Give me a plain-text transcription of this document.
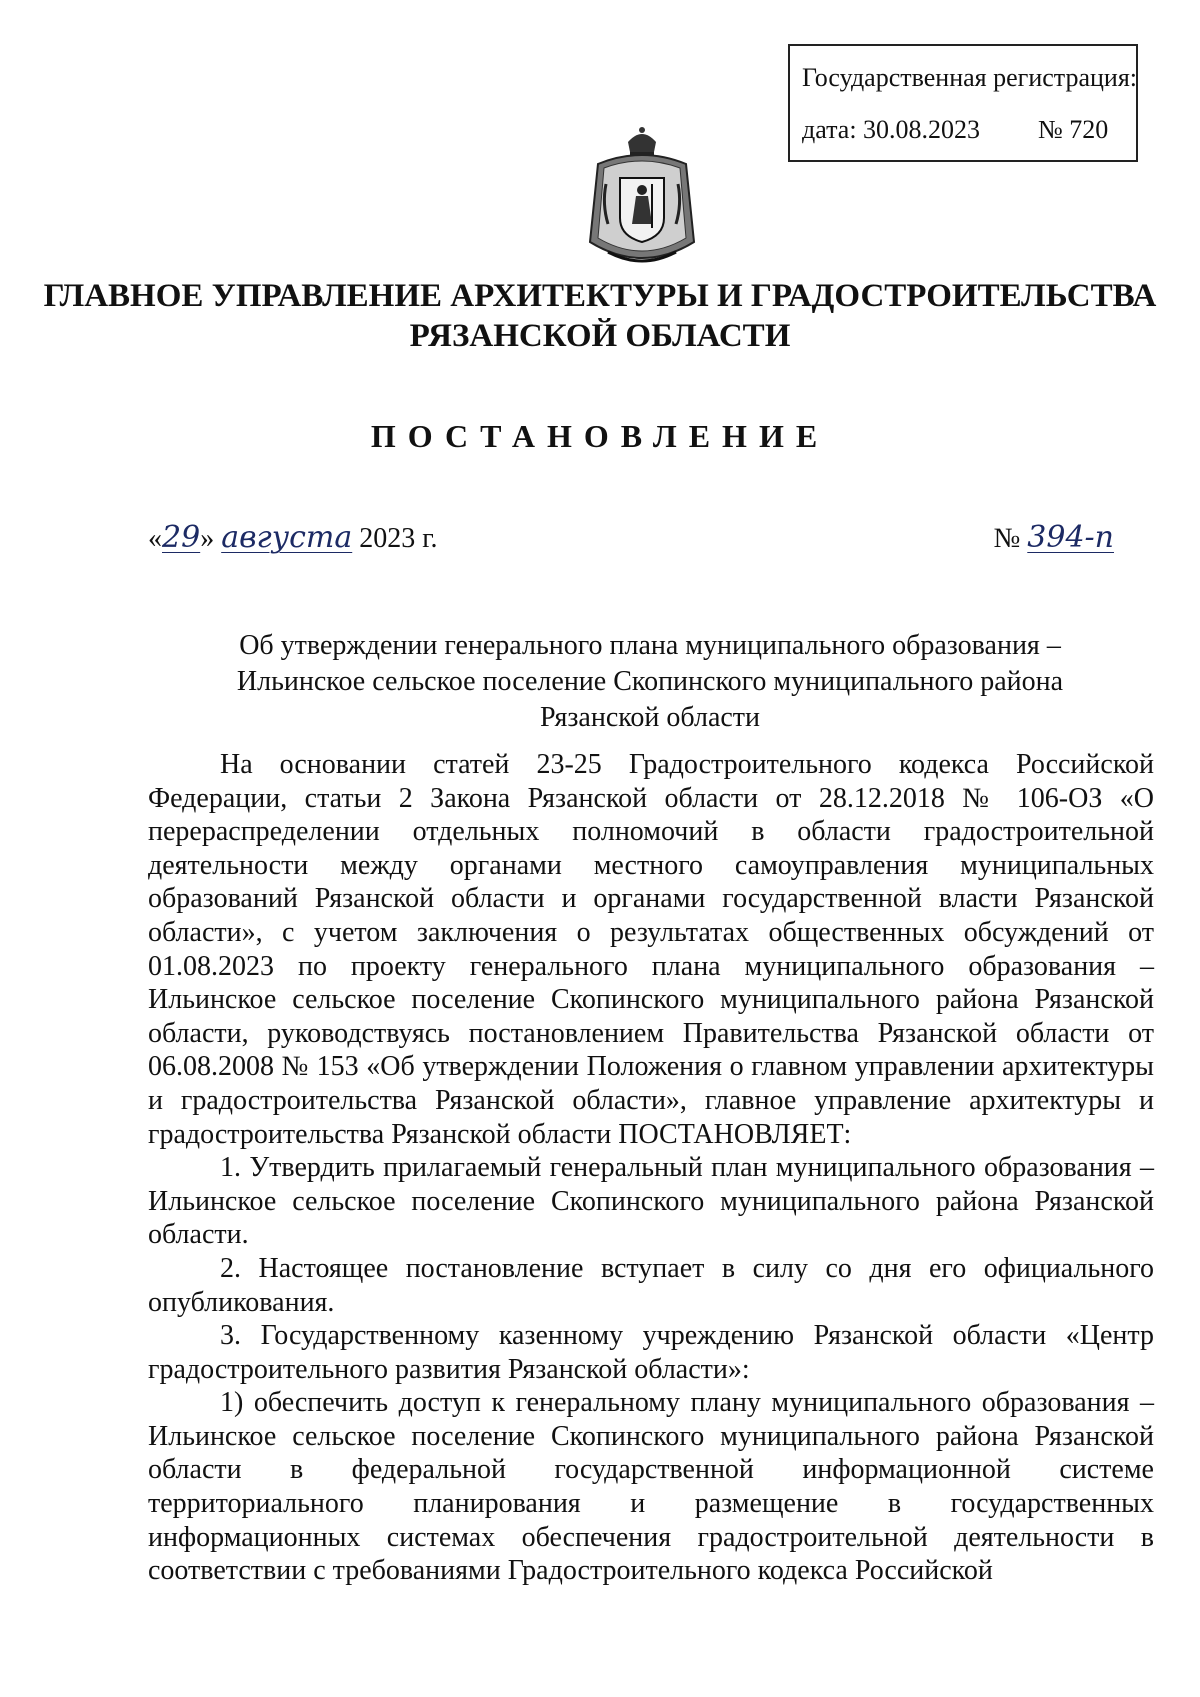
Государственная регистрация:
дата: 30.08.2023 № 720
ГЛАВНОЕ УПРАВЛЕНИЕ АРХИТЕКТУРЫ И ГРАДОСТРОИТЕЛЬСТВА
РЯЗАНСКОЙ ОБЛАСТИ
ПОСТАНОВЛЕНИЕ
«29» августа 2023 г.	№ 394-п
Об утверждении генерального плана муниципального образования –
Ильинское сельское поселение Скопинского муниципального района
Рязанской области

На основании статей 23-25 Градостроительного кодекса Российской Федерации, статьи 2 Закона Рязанской области от 28.12.2018 № 106-ОЗ «О перераспределении отдельных полномочий в области градостроительной деятельности между органами местного самоуправления муниципальных образований Рязанской области и органами государственной власти Рязанской области», с учетом заключения о результатах общественных обсуждений от 01.08.2023 по проекту генерального плана муниципального образования – Ильинское сельское поселение Скопинского муниципального района Рязанской области, руководствуясь постановлением Правительства Рязанской области от 06.08.2008 № 153 «Об утверждении Положения о главном управлении архитектуры и градостроительства Рязанской области», главное управление архитектуры и градостроительства Рязанской области ПОСТАНОВЛЯЕТ:

1. Утвердить прилагаемый генеральный план муниципального образования – Ильинское сельское поселение Скопинского муниципального района Рязанской области.

2. Настоящее постановление вступает в силу со дня его официального опубликования.

3. Государственному казенному учреждению Рязанской области «Центр градостроительного развития Рязанской области»:

1) обеспечить доступ к генеральному плану муниципального образования – Ильинское сельское поселение Скопинского муниципального района Рязанской области в федеральной государственной информационной системе территориального планирования и размещение в государственных информационных системах обеспечения градостроительной деятельности в соответствии с требованиями Градостроительного кодекса Российской
